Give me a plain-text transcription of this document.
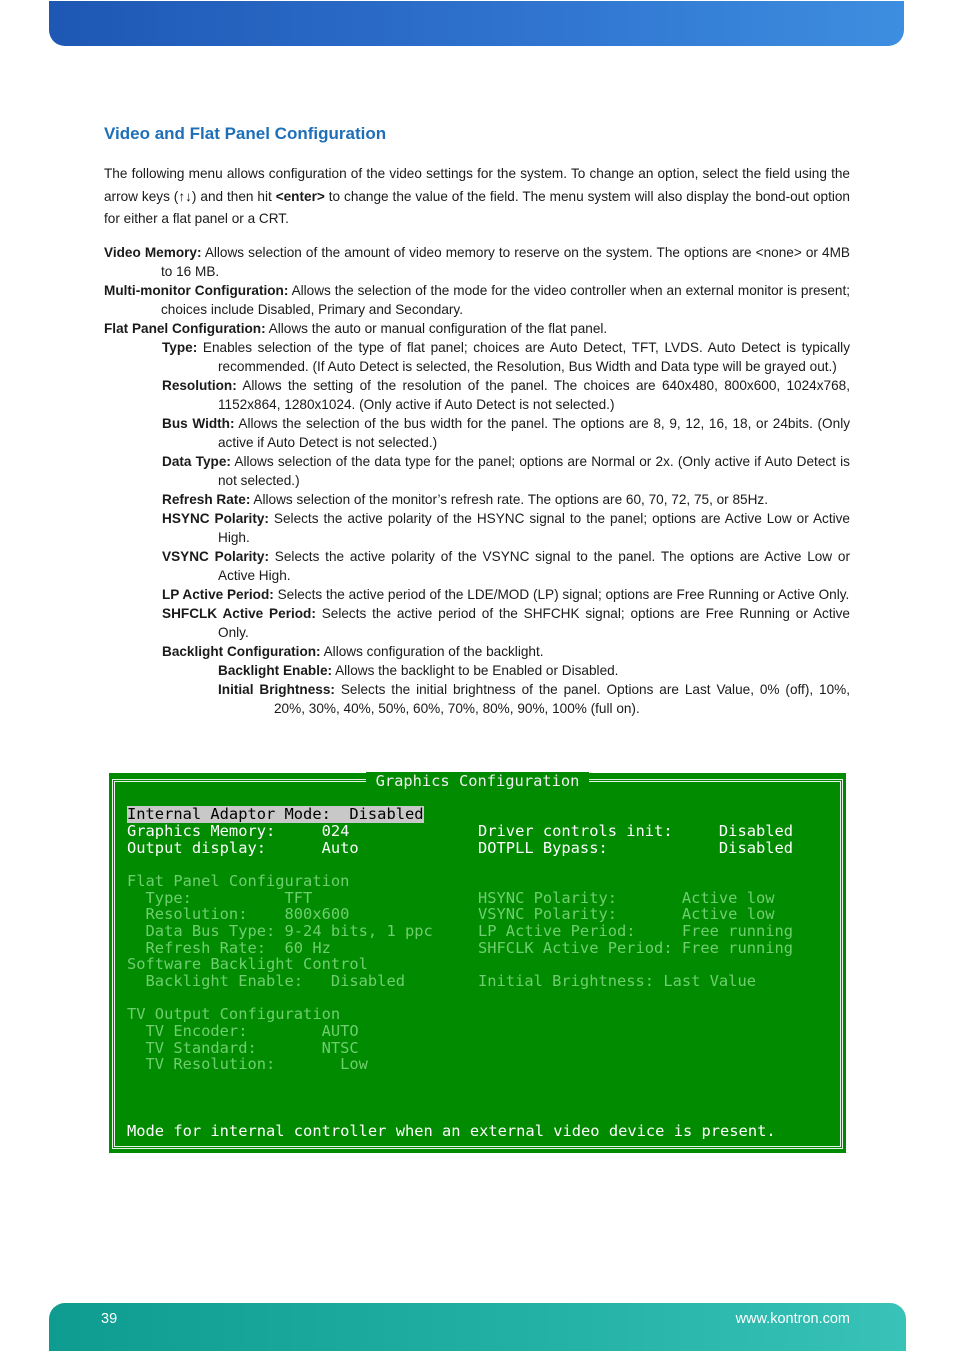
Video and Flat Panel Configuration
The following menu allows configuration of the video settings for the system. To change an option, select the field using the arrow keys (↑↓) and then hit <enter> to change the value of the field. The menu system will also display the bond-out option for either a flat panel or a CRT.

Video Memory: Allows selection of the amount of video memory to reserve on the system. The options are <none> or 4MB to 16 MB.

Multi-monitor Configuration: Allows the selection of the mode for the video controller when an external monitor is present; choices include Disabled, Primary and Secondary.

Flat Panel Configuration: Allows the auto or manual configuration of the flat panel.

Type: Enables selection of the type of flat panel; choices are Auto Detect, TFT, LVDS. Auto Detect is typically recommended. (If Auto Detect is selected, the Resolution, Bus Width and Data type will be grayed out.)

Resolution: Allows the setting of the resolution of the panel. The choices are 640x480, 800x600, 1024x768, 1152x864, 1280x1024. (Only active if Auto Detect is not selected.)

Bus Width: Allows the selection of the bus width for the panel. The options are 8, 9, 12, 16, 18, or 24bits. (Only active if Auto Detect is not selected.)

Data Type: Allows selection of the data type for the panel; options are Normal or 2x. (Only active if Auto Detect is not selected.)

Refresh Rate: Allows selection of the monitor’s refresh rate. The options are 60, 70, 72, 75, or 85Hz.

HSYNC Polarity: Selects the active polarity of the HSYNC signal to the panel; options are Active Low or Active High.

VSYNC Polarity: Selects the active polarity of the VSYNC signal to the panel. The options are Active Low or Active High.

LP Active Period: Selects the active period of the LDE/MOD (LP) signal; options are Free Running or Active Only.

SHFCLK Active Period: Selects the active period of the SHFCHK signal; options are Free Running or Active Only.

Backlight Configuration: Allows configuration of the backlight.

Backlight Enable: Allows the backlight to be Enabled or Disabled.

Initial Brightness: Selects the initial brightness of the panel. Options are Last Value, 0% (off), 10%, 20%, 30%, 40%, 50%, 60%, 70%, 80%, 90%, 100% (full on).

Graphics Configuration
Internal Adaptor Mode:  Disabled
Graphics Memory:     024
Output display:      Auto
Driver controls init:     Disabled
DOTPLL Bypass:            Disabled
Flat Panel Configuration
Type:          TFT
Resolution:    800x600
Data Bus Type: 9-24 bits, 1 ppc
Refresh Rate:  60 Hz
Software Backlight Control
Backlight Enable:   Disabled
HSYNC Polarity:       Active low
VSYNC Polarity:       Active low
LP Active Period:     Free running
SHFCLK Active Period: Free running
Initial Brightness: Last Value
TV Output Configuration
TV Encoder:        AUTO
TV Standard:       NTSC
TV Resolution:       Low
Mode for internal controller when an external video device is present.
39	www.kontron.com
